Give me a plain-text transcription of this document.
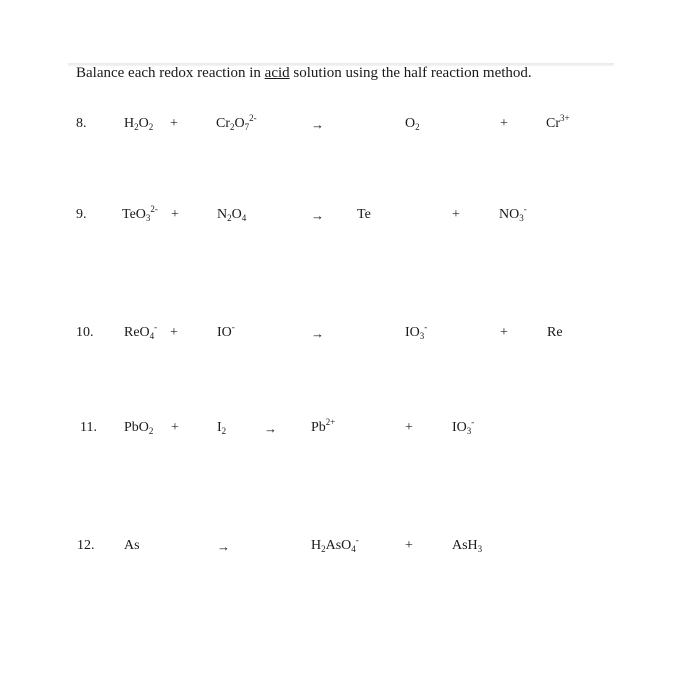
Balance each redox reaction in acid solution using the half reaction method.
8.	$H_2O_2$ +	$Cr_2O_7^{2-}$	→	$O_2$	+	$Cr^{3+}$
9.	TeO$_3^{2-}$ +	$N_2O_4$	→ Te	+	$NO_3^-$
10. ReO$_4$- +	IO-	→	$IO_3^-$	+	Re
11. PbO$_2$ +	$I_2$	→ $Pb^{2+}$	+	$IO_3^-$
12. As	→	$H_2AsO_4^-$	+	AsH$_3$
